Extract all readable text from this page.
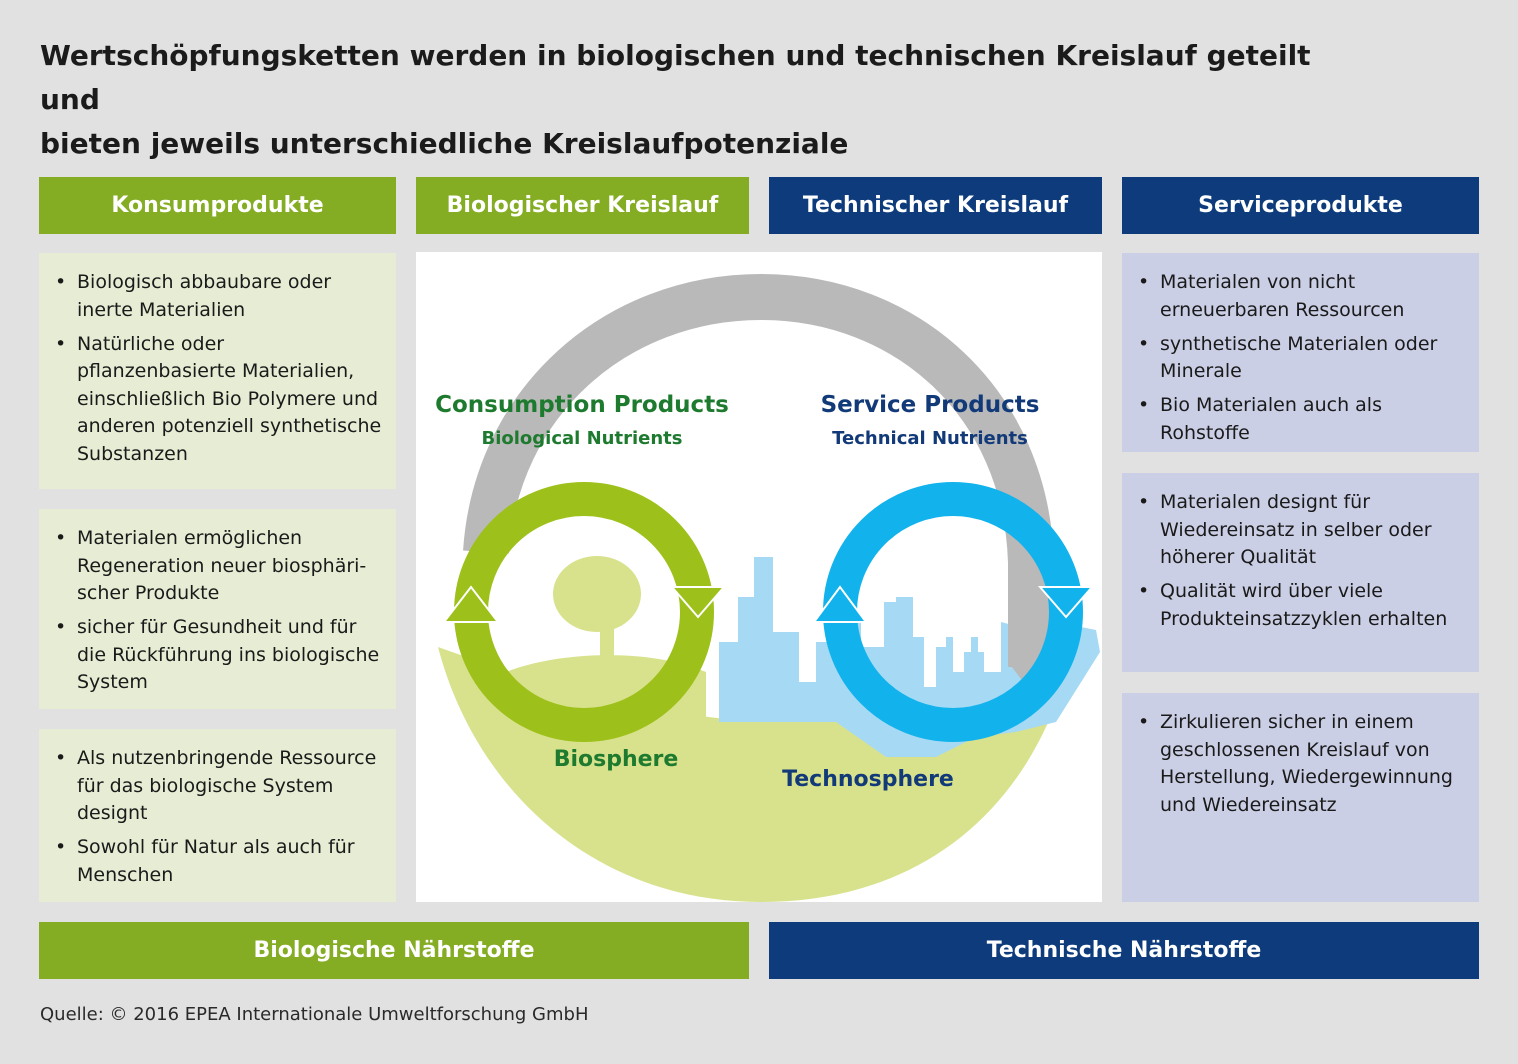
Wertschöpfungsketten werden in biologischen und technischen Kreislauf geteilt und
bieten jeweils unterschiedliche Kreislaufpotenziale
Konsumprodukte	Biologischer Kreislauf	Technischer Kreislauf	Serviceprodukte
• Biologisch abbaubare oder inerte Materialien
• Natürliche oder pflanzenbasierte Materialien, einschließlich Bio Polymere und anderen potenziell synthetische Substanzen
• Materialen ermöglichen Regeneration neuer biosphäri-scher Produkte
• sicher für Gesundheit und für die Rückführung ins biologische System
• Als nutzenbringende Ressource für das biologische System designt
• Sowohl für Natur als auch für Menschen
• Materialen von nicht erneuerbaren Ressourcen
• synthetische Materialen oder Minerale
• Bio Materialen auch als Rohstoffe
• Materialen designt für Wiedereinsatz in selber oder höherer Qualität
• Qualität wird über viele Produkteinsatzzyklen erhalten
• Zirkulieren sicher in einem geschlossenen Kreislauf von Herstellung, Wiedergewinnung und Wiedereinsatz
Consumption Products
Biological Nutrients
Service Products
Technical Nutrients
Biosphere
Technosphere
Biologische Nährstoffe	Technische Nährstoffe
Quelle: © 2016 EPEA Internationale Umweltforschung GmbH
